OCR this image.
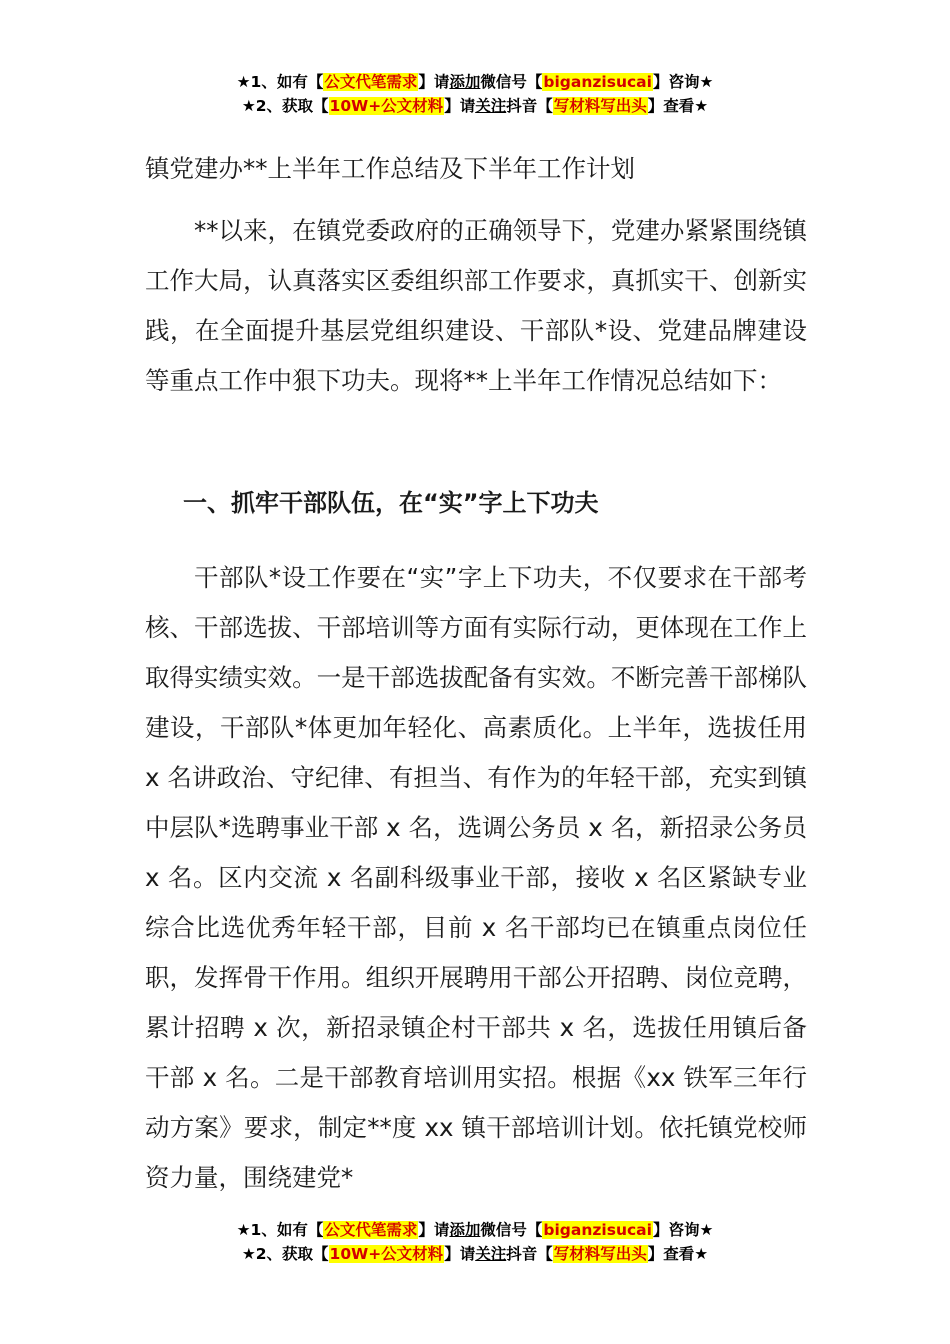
★1、如有【公文代笔需求】请添加微信号【biganzisucai】咨询★
★2、获取【10W+公文材料】请关注抖音【写材料写出头】查看★
镇党建办**上半年工作总结及下半年工作计划
**以来，在镇党委政府的正确领导下，党建办紧紧围绕镇工作大局，认真落实区委组织部工作要求，真抓实干、创新实践，在全面提升基层党组织建设、干部队*设、党建品牌建设等重点工作中狠下功夫。现将**上半年工作情况总结如下：
一、抓牢干部队伍，在“实”字上下功夫
干部队*设工作要在“实”字上下功夫，不仅要求在干部考核、干部选拔、干部培训等方面有实际行动，更体现在工作上取得实绩实效。一是干部选拔配备有实效。不断完善干部梯队建设，干部队*体更加年轻化、高素质化。上半年，选拔任用 x 名讲政治、守纪律、有担当、有作为的年轻干部，充实到镇中层队*选聘事业干部 x 名，选调公务员 x 名，新招录公务员 x 名。区内交流 x 名副科级事业干部，接收 x 名区紧缺专业综合比选优秀年轻干部，目前 x 名干部均已在镇重点岗位任职，发挥骨干作用。组织开展聘用干部公开招聘、岗位竞聘，累计招聘 x 次，新招录镇企村干部共 x 名，选拔任用镇后备干部 x 名。二是干部教育培训用实招。根据《xx 铁军三年行动方案》要求，制定**度 xx 镇干部培训计划。依托镇党校师资力量，围绕建党*
★1、如有【公文代笔需求】请添加微信号【biganzisucai】咨询★
★2、获取【10W+公文材料】请关注抖音【写材料写出头】查看★
